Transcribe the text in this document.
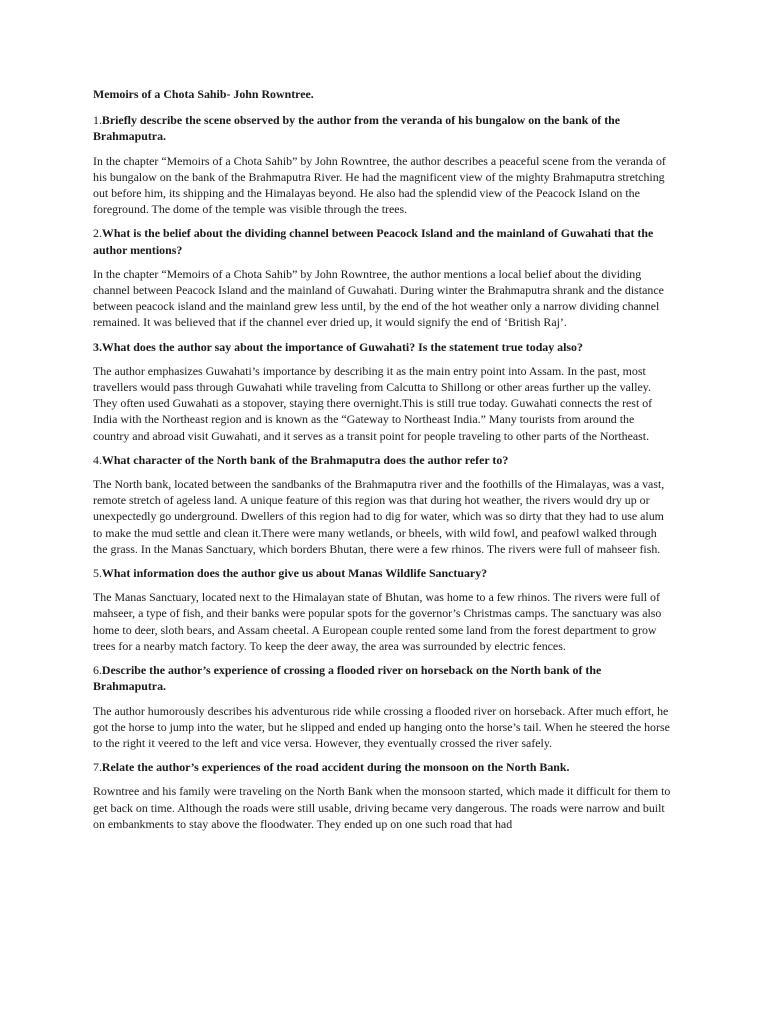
Memoirs of a Chota Sahib- John Rowntree.

1.Briefly describe the scene observed by the author from the veranda of his bungalow on the bank of the Brahmaputra.

In the chapter “Memoirs of a Chota Sahib” by John Rowntree, the author describes a peaceful scene from the veranda of his bungalow on the bank of the Brahmaputra River. He had the magnificent view of the mighty Brahmaputra stretching out before him, its shipping and the Himalayas beyond. He also had the splendid view of the Peacock Island on the foreground. The dome of the temple was visible through the trees.

2.What is the belief about the dividing channel between Peacock Island and the mainland of Guwahati that the author mentions?

In the chapter “Memoirs of a Chota Sahib” by John Rowntree, the author mentions a local belief about the dividing channel between Peacock Island and the mainland of Guwahati. During winter the Brahmaputra shrank and the distance between peacock island and the mainland grew less until, by the end of the hot weather only a narrow dividing channel remained. It was believed that if the channel ever dried up, it would signify the end of ‘British Raj’.

3.What does the author say about the importance of Guwahati? Is the statement true today also?

The author emphasizes Guwahati’s importance by describing it as the main entry point into Assam. In the past, most travellers would pass through Guwahati while traveling from Calcutta to Shillong or other areas further up the valley. They often used Guwahati as a stopover, staying there overnight.This is still true today. Guwahati connects the rest of India with the Northeast region and is known as the “Gateway to Northeast India.” Many tourists from around the country and abroad visit Guwahati, and it serves as a transit point for people traveling to other parts of the Northeast.

4.What character of the North bank of the Brahmaputra does the author refer to?

The North bank, located between the sandbanks of the Brahmaputra river and the foothills of the Himalayas, was a vast, remote stretch of ageless land. A unique feature of this region was that during hot weather, the rivers would dry up or unexpectedly go underground. Dwellers of this region had to dig for water, which was so dirty that they had to use alum to make the mud settle and clean it.There were many wetlands, or bheels, with wild fowl, and peafowl walked through the grass. In the Manas Sanctuary, which borders Bhutan, there were a few rhinos. The rivers were full of mahseer fish.

5.What information does the author give us about Manas Wildlife Sanctuary?

The Manas Sanctuary, located next to the Himalayan state of Bhutan, was home to a few rhinos. The rivers were full of mahseer, a type of fish, and their banks were popular spots for the governor’s Christmas camps. The sanctuary was also home to deer, sloth bears, and Assam cheetal. A European couple rented some land from the forest department to grow trees for a nearby match factory. To keep the deer away, the area was surrounded by electric fences.

6.Describe the author’s experience of crossing a flooded river on horseback on the North bank of the Brahmaputra.

The author humorously describes his adventurous ride while crossing a flooded river on horseback. After much effort, he got the horse to jump into the water, but he slipped and ended up hanging onto the horse’s tail. When he steered the horse to the right it veered to the left and vice versa. However, they eventually crossed the river safely.

7.Relate the author’s experiences of the road accident during the monsoon on the North Bank.

Rowntree and his family were traveling on the North Bank when the monsoon started, which made it difficult for them to get back on time. Although the roads were still usable, driving became very dangerous. The roads were narrow and built on embankments to stay above the floodwater. They ended up on one such road that had
